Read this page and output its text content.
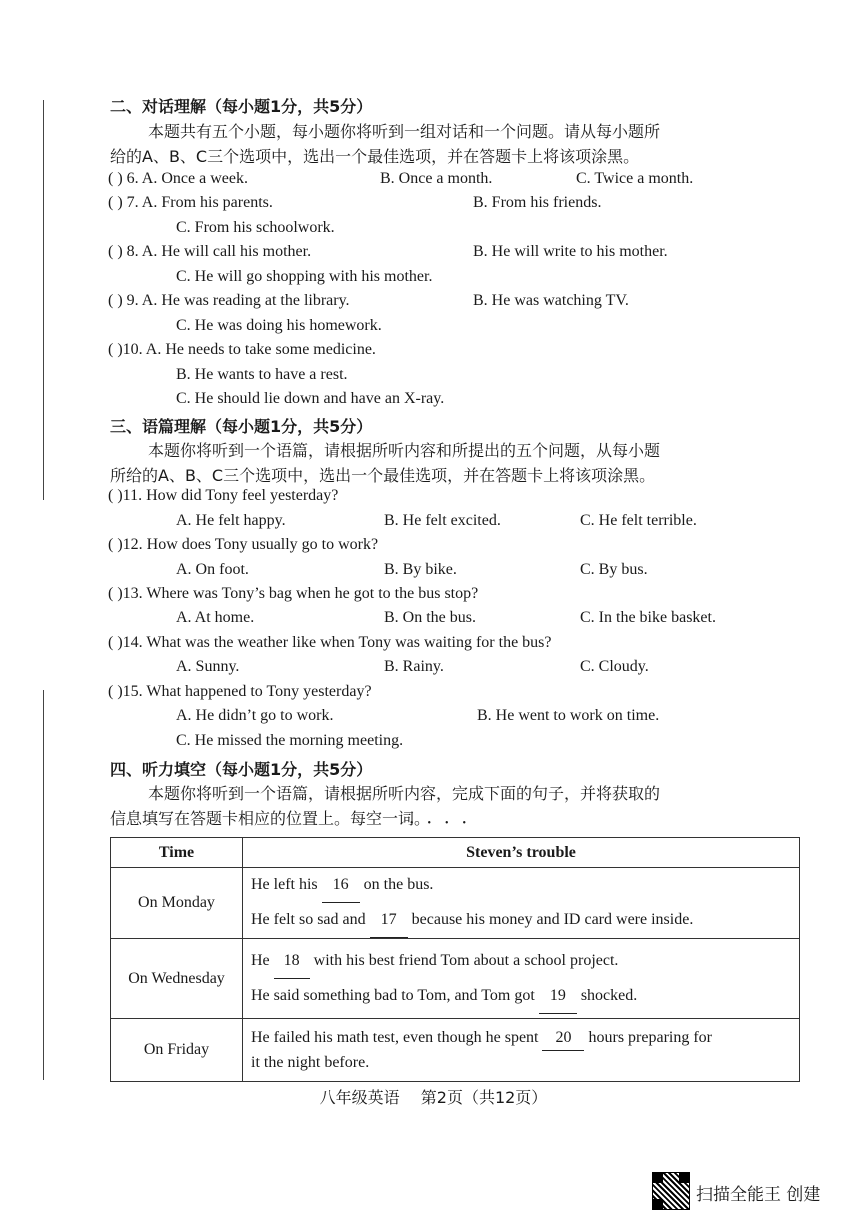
二、对话理解（每小题1分，共5分）
本题共有五个小题，每小题你将听到一组对话和一个问题。请从每小题所
给的A、B、C三个选项中，选出一个最佳选项，并在答题卡上将该项涂黑。
( ) 6. A. Once a week.	B. Once a month.	C. Twice a month.
( ) 7. A. From his parents.	B. From his friends.
C. From his schoolwork.
( ) 8. A. He will call his mother.	B. He will write to his mother.
C. He will go shopping with his mother.
( ) 9. A. He was reading at the library.	B. He was watching TV.
C. He was doing his homework.
( )10. A. He needs to take some medicine.
B. He wants to have a rest.
C. He should lie down and have an X-ray.
三、语篇理解（每小题1分，共5分）
本题你将听到一个语篇，请根据所听内容和所提出的五个问题，从每小题
所给的A、B、C三个选项中，选出一个最佳选项，并在答题卡上将该项涂黑。
( )11. How did Tony feel yesterday?
A. He felt happy.	B. He felt excited.	C. He felt terrible.
( )12. How does Tony usually go to work?
A. On foot.	B. By bike.	C. By bus.
( )13. Where was Tony’s bag when he got to the bus stop?
A. At home.	B. On the bus.	C. In the bike basket.
( )14. What was the weather like when Tony was waiting for the bus?
A. Sunny.	B. Rainy.	C. Cloudy.
( )15. What happened to Tony yesterday?
A. He didn’t go to work.	B. He went to work on time.
C. He missed the morning meeting.
四、听力填空（每小题1分，共5分）
本题你将听到一个语篇，请根据所听内容，完成下面的句子，并将获取的
信息填写在答题卡相应的位置上。每空一词。
••••
Time	Steven’s trouble
On Monday	He left his 16 on the bus.
He felt so sad and 17 because his money and ID card were inside.

On Wednesday	He 18 with his best friend Tom about a school project.
He said something bad to Tom, and Tom got 19 shocked.

On Friday	He failed his math test, even though he spent 20 hours preparing for
it the night before.
八年级英语　 第2页（共12页）
扫描全能王 创建
